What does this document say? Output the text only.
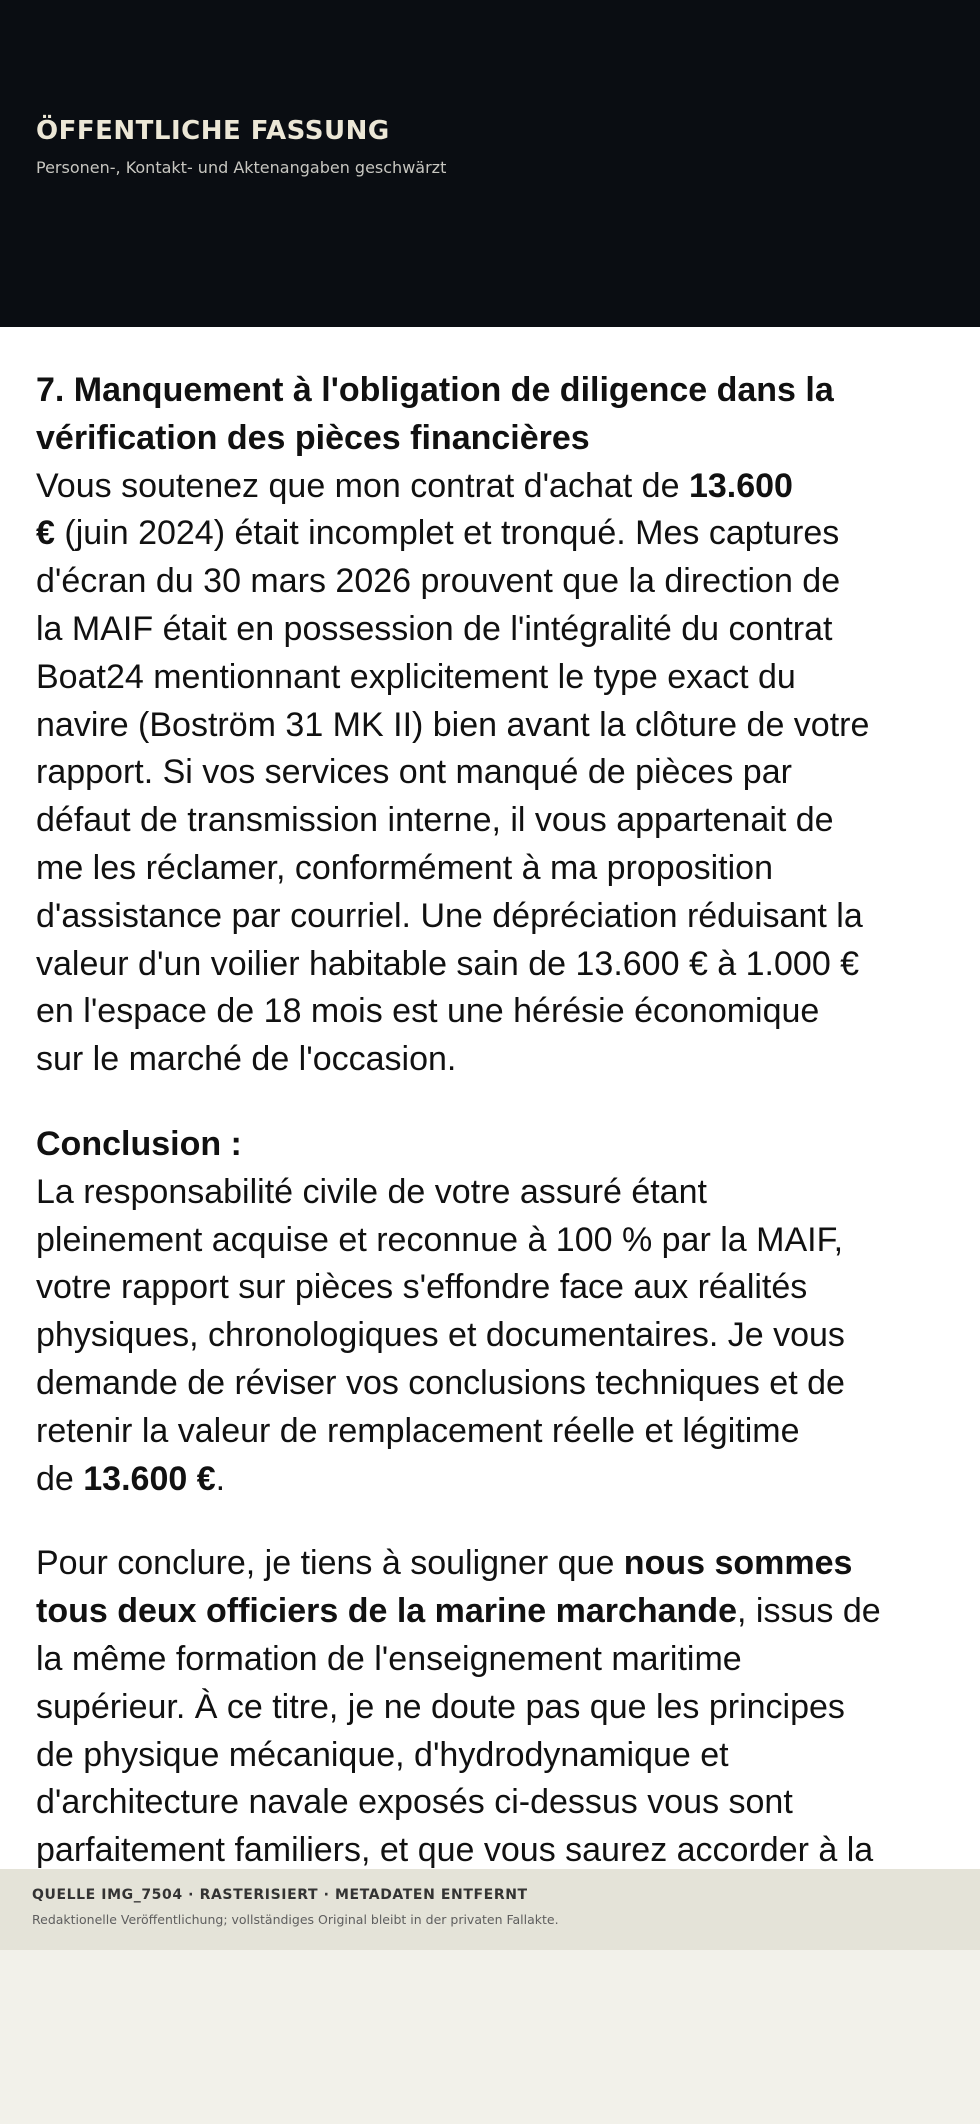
ÖFFENTLICHE FASSUNG
Personen-, Kontakt- und Aktenangaben geschwärzt
7. Manquement à l'obligation de diligence dans la
vérification des pièces financières
Vous soutenez que mon contrat d'achat de 13.600
€ (juin 2024) était incomplet et tronqué. Mes captures
d'écran du 30 mars 2026 prouvent que la direction de
la MAIF était en possession de l'intégralité du contrat
Boat24 mentionnant explicitement le type exact du
navire (Boström 31 MK II) bien avant la clôture de votre
rapport. Si vos services ont manqué de pièces par
défaut de transmission interne, il vous appartenait de
me les réclamer, conformément à ma proposition
d'assistance par courriel. Une dépréciation réduisant la
valeur d'un voilier habitable sain de 13.600 € à 1.000 €
en l'espace de 18 mois est une hérésie économique
sur le marché de l'occasion.
Conclusion :
La responsabilité civile de votre assuré étant
pleinement acquise et reconnue à 100 % par la MAIF,
votre rapport sur pièces s'effondre face aux réalités
physiques, chronologiques et documentaires. Je vous
demande de réviser vos conclusions techniques et de
retenir la valeur de remplacement réelle et légitime
de 13.600 €.
Pour conclure, je tiens à souligner que nous sommes
tous deux officiers de la marine marchande, issus de
la même formation de l'enseignement maritime
supérieur. À ce titre, je ne doute pas que les principes
de physique mécanique, d'hydrodynamique et
d'architecture navale exposés ci-dessus vous sont
parfaitement familiers, et que vous saurez accorder à la
QUELLE IMG_7504 · RASTERISIERT · METADATEN ENTFERNT
Redaktionelle Veröffentlichung; vollständiges Original bleibt in der privaten Fallakte.
